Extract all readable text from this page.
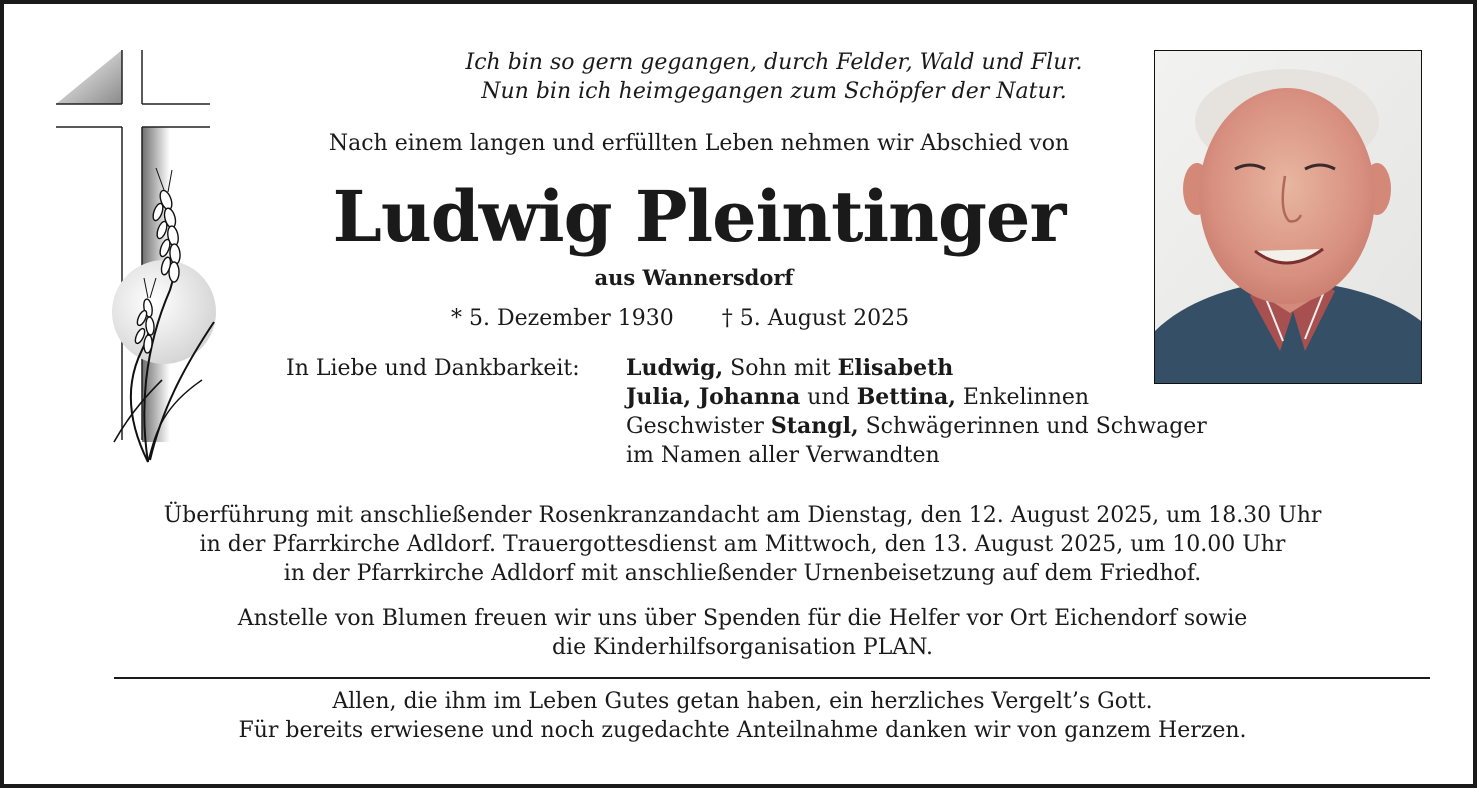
Ich bin so gern gegangen, durch Felder, Wald und Flur.
Nun bin ich heimgegangen zum Schöpfer der Natur.
Nach einem langen und erfüllten Leben nehmen wir Abschied von
Ludwig Pleintinger
aus Wannersdorf
* 5. Dezember 1930 † 5. August 2025
In Liebe und Dankbarkeit: Ludwig, Sohn mit Elisabeth
Julia, Johanna und Bettina, Enkelinnen
Geschwister Stangl, Schwägerinnen und Schwager
im Namen aller Verwandten
Überführung mit anschließender Rosenkranzandacht am Dienstag, den 12. August 2025, um 18.30 Uhr
in der Pfarrkirche Adldorf. Trauergottesdienst am Mittwoch, den 13. August 2025, um 10.00 Uhr
in der Pfarrkirche Adldorf mit anschließender Urnenbeisetzung auf dem Friedhof.
Anstelle von Blumen freuen wir uns über Spenden für die Helfer vor Ort Eichendorf sowie
die Kinderhilfsorganisation PLAN.
Allen, die ihm im Leben Gutes getan haben, ein herzliches Vergelt’s Gott.
Für bereits erwiesene und noch zugedachte Anteilnahme danken wir von ganzem Herzen.
